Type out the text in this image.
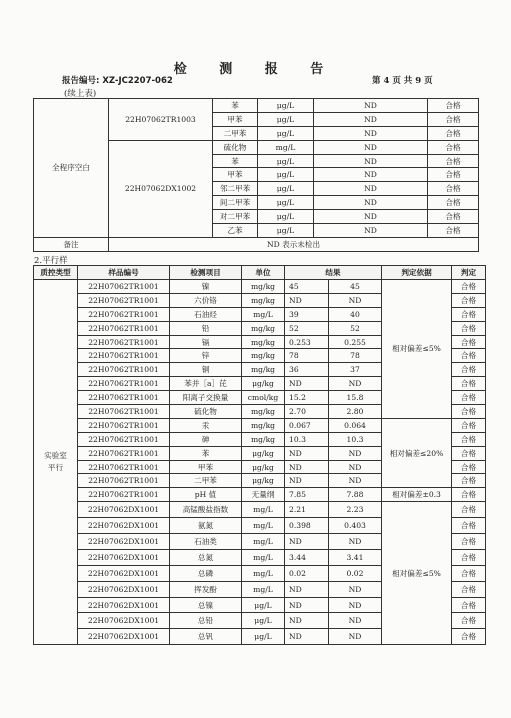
检 测 报 告
报告编号: XZ-JC2207-062	第 4 页 共 9 页
(续上表)
全程序空白	22H07062TR1003	苯	μg/L	ND	合格
		甲苯	μg/L	ND	合格
		二甲苯	μg/L	ND	合格
	22H07062DX1002	硫化物	mg/L	ND	合格
		苯	μg/L	ND	合格
		甲苯	μg/L	ND	合格
		邻二甲苯	μg/L	ND	合格
		间二甲苯	μg/L	ND	合格
		对二甲苯	μg/L	ND	合格
		乙苯	μg/L	ND	合格
备注	ND 表示未检出				
2.平行样
质控类型	样品编号	检测项目	单位	结果		判定依据	判定
实验室
平行	22H07062TR1001	镍	mg/kg	45	45	相对偏差≤5%	合格
	22H07062TR1001	六价铬	mg/kg	ND	ND		合格
	22H07062TR1001	石油烃	mg/L	39	40		合格
	22H07062TR1001	铅	mg/kg	52	52		合格
	22H07062TR1001	镉	mg/kg	0.253	0.255		合格
	22H07062TR1001	锌	mg/kg	78	78		合格
	22H07062TR1001	铜	mg/kg	36	37		合格
	22H07062TR1001	苯并［a］芘	μg/kg	ND	ND		合格
	22H07062TR1001	阳离子交换量	cmol/kg	15.2	15.8		合格
	22H07062TR1001	硫化物	mg/kg	2.70	2.80		合格
	22H07062TR1001	汞	mg/kg	0.067	0.064	相对偏差≤20%	合格
	22H07062TR1001	砷	mg/kg	10.3	10.3		合格
	22H07062TR1001	苯	μg/kg	ND	ND		合格
	22H07062TR1001	甲苯	μg/kg	ND	ND		合格
	22H07062TR1001	二甲苯	μg/kg	ND	ND		合格
	22H07062TR1001	pH 值	无量纲	7.85	7.88	相对偏差±0.3	合格
	22H07062DX1001	高锰酸盐指数	mg/L	2.21	2.23	相对偏差≤5%	合格
	22H07062DX1001	氨氮	mg/L	0.398	0.403		合格
	22H07062DX1001	石油类	mg/L	ND	ND		合格
	22H07062DX1001	总氮	mg/L	3.44	3.41		合格
	22H07062DX1001	总磷	mg/L	0.02	0.02		合格
	22H07062DX1001	挥发酚	mg/L	ND	ND		合格
	22H07062DX1001	总镍	μg/L	ND	ND		合格
	22H07062DX1001	总铅	μg/L	ND	ND		合格
	22H07062DX1001	总钒	μg/L	ND	ND		合格
